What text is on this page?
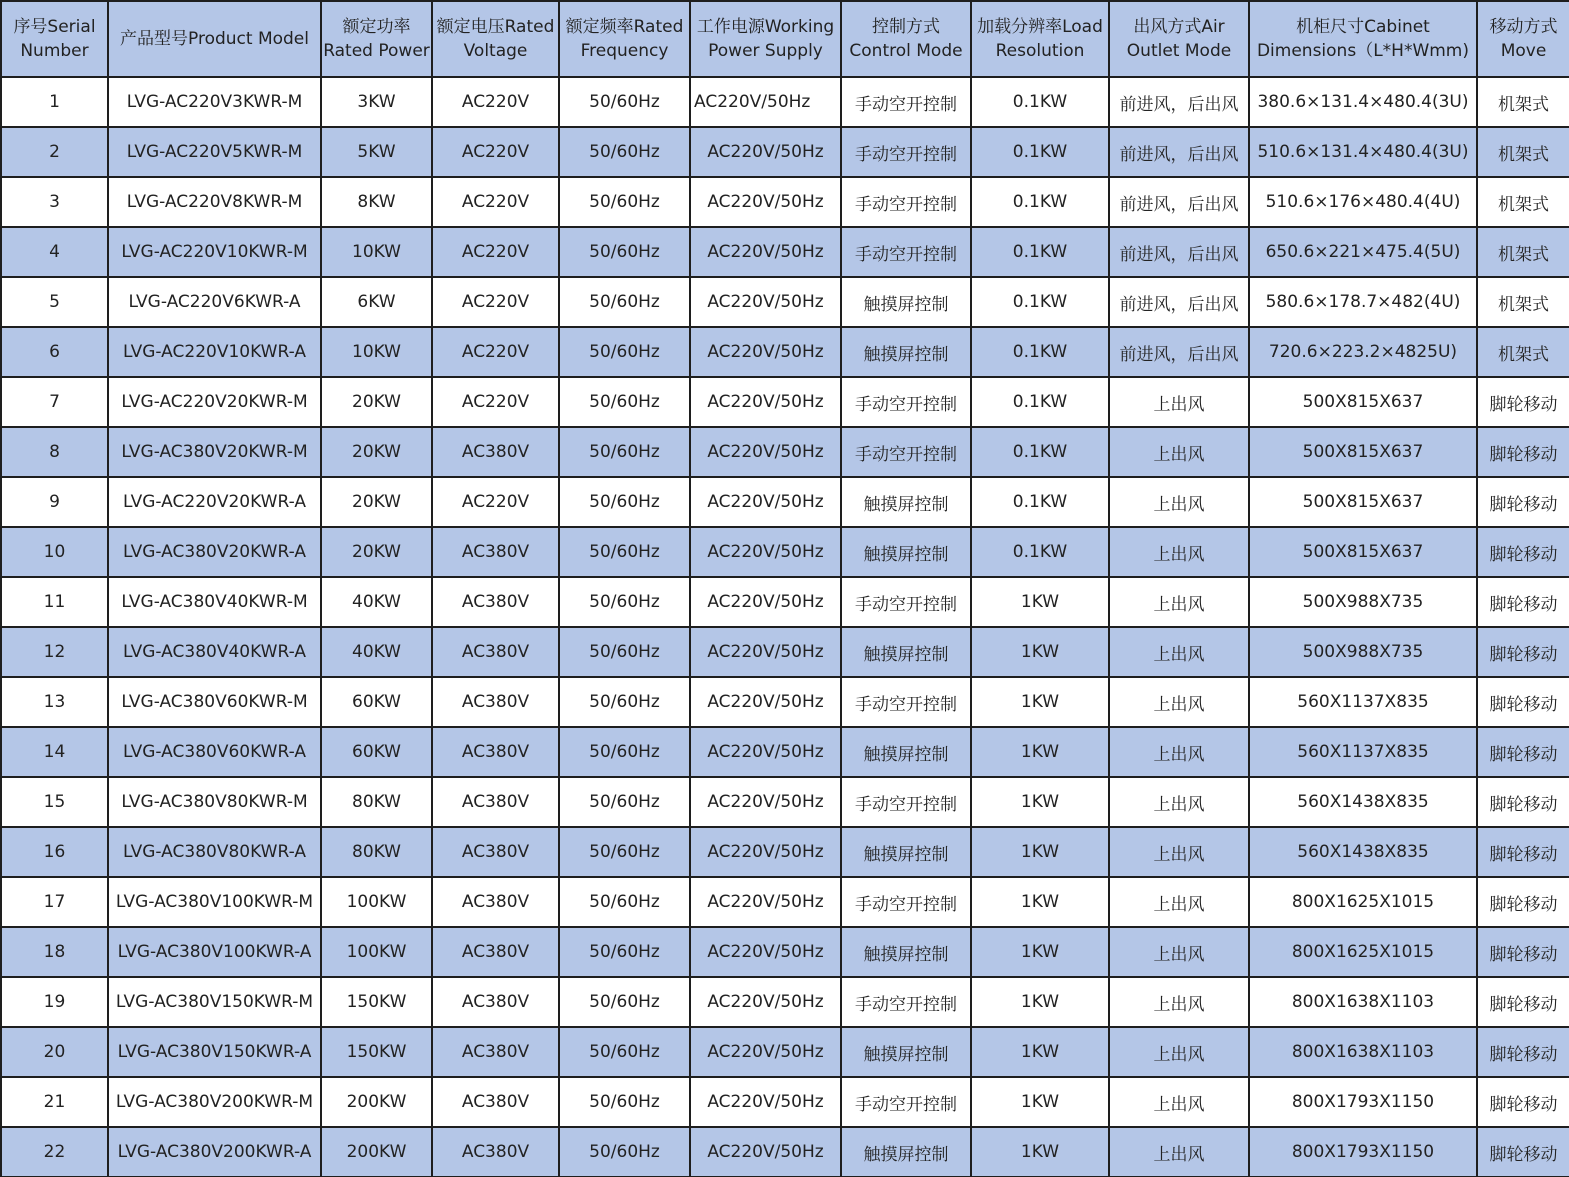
序号Serial
Number	产品型号Product Model	额定功率
Rated Power	额定电压Rated
Voltage	额定频率Rated
Frequency	工作电源Working
Power Supply	控制方式
Control Mode	加载分辨率Load
Resolution	出风方式Air
Outlet Mode	机柜尺寸Cabinet
Dimensions（L*H*Wmm)	移动方式
Move

1	LVG-AC220V3KWR-M	3KW	AC220V	50/60Hz	AC220V/50Hz	手动空开控制	0.1KW	前进风，后出风	380.6×131.4×480.4(3U)	机架式
2	LVG-AC220V5KWR-M	5KW	AC220V	50/60Hz	AC220V/50Hz	手动空开控制	0.1KW	前进风，后出风	510.6×131.4×480.4(3U)	机架式
3	LVG-AC220V8KWR-M	8KW	AC220V	50/60Hz	AC220V/50Hz	手动空开控制	0.1KW	前进风，后出风	510.6×176×480.4(4U)	机架式
4	LVG-AC220V10KWR-M	10KW	AC220V	50/60Hz	AC220V/50Hz	手动空开控制	0.1KW	前进风，后出风	650.6×221×475.4(5U)	机架式
5	LVG-AC220V6KWR-A	6KW	AC220V	50/60Hz	AC220V/50Hz	触摸屏控制	0.1KW	前进风，后出风	580.6×178.7×482(4U)	机架式
6	LVG-AC220V10KWR-A	10KW	AC220V	50/60Hz	AC220V/50Hz	触摸屏控制	0.1KW	前进风，后出风	720.6×223.2×4825U)	机架式
7	LVG-AC220V20KWR-M	20KW	AC220V	50/60Hz	AC220V/50Hz	手动空开控制	0.1KW	上出风	500X815X637	脚轮移动
8	LVG-AC380V20KWR-M	20KW	AC380V	50/60Hz	AC220V/50Hz	手动空开控制	0.1KW	上出风	500X815X637	脚轮移动
9	LVG-AC220V20KWR-A	20KW	AC220V	50/60Hz	AC220V/50Hz	触摸屏控制	0.1KW	上出风	500X815X637	脚轮移动
10	LVG-AC380V20KWR-A	20KW	AC380V	50/60Hz	AC220V/50Hz	触摸屏控制	0.1KW	上出风	500X815X637	脚轮移动
11	LVG-AC380V40KWR-M	40KW	AC380V	50/60Hz	AC220V/50Hz	手动空开控制	1KW	上出风	500X988X735	脚轮移动
12	LVG-AC380V40KWR-A	40KW	AC380V	50/60Hz	AC220V/50Hz	触摸屏控制	1KW	上出风	500X988X735	脚轮移动
13	LVG-AC380V60KWR-M	60KW	AC380V	50/60Hz	AC220V/50Hz	手动空开控制	1KW	上出风	560X1137X835	脚轮移动
14	LVG-AC380V60KWR-A	60KW	AC380V	50/60Hz	AC220V/50Hz	触摸屏控制	1KW	上出风	560X1137X835	脚轮移动
15	LVG-AC380V80KWR-M	80KW	AC380V	50/60Hz	AC220V/50Hz	手动空开控制	1KW	上出风	560X1438X835	脚轮移动
16	LVG-AC380V80KWR-A	80KW	AC380V	50/60Hz	AC220V/50Hz	触摸屏控制	1KW	上出风	560X1438X835	脚轮移动
17	LVG-AC380V100KWR-M	100KW	AC380V	50/60Hz	AC220V/50Hz	手动空开控制	1KW	上出风	800X1625X1015	脚轮移动
18	LVG-AC380V100KWR-A	100KW	AC380V	50/60Hz	AC220V/50Hz	触摸屏控制	1KW	上出风	800X1625X1015	脚轮移动
19	LVG-AC380V150KWR-M	150KW	AC380V	50/60Hz	AC220V/50Hz	手动空开控制	1KW	上出风	800X1638X1103	脚轮移动
20	LVG-AC380V150KWR-A	150KW	AC380V	50/60Hz	AC220V/50Hz	触摸屏控制	1KW	上出风	800X1638X1103	脚轮移动
21	LVG-AC380V200KWR-M	200KW	AC380V	50/60Hz	AC220V/50Hz	手动空开控制	1KW	上出风	800X1793X1150	脚轮移动
22	LVG-AC380V200KWR-A	200KW	AC380V	50/60Hz	AC220V/50Hz	触摸屏控制	1KW	上出风	800X1793X1150	脚轮移动
